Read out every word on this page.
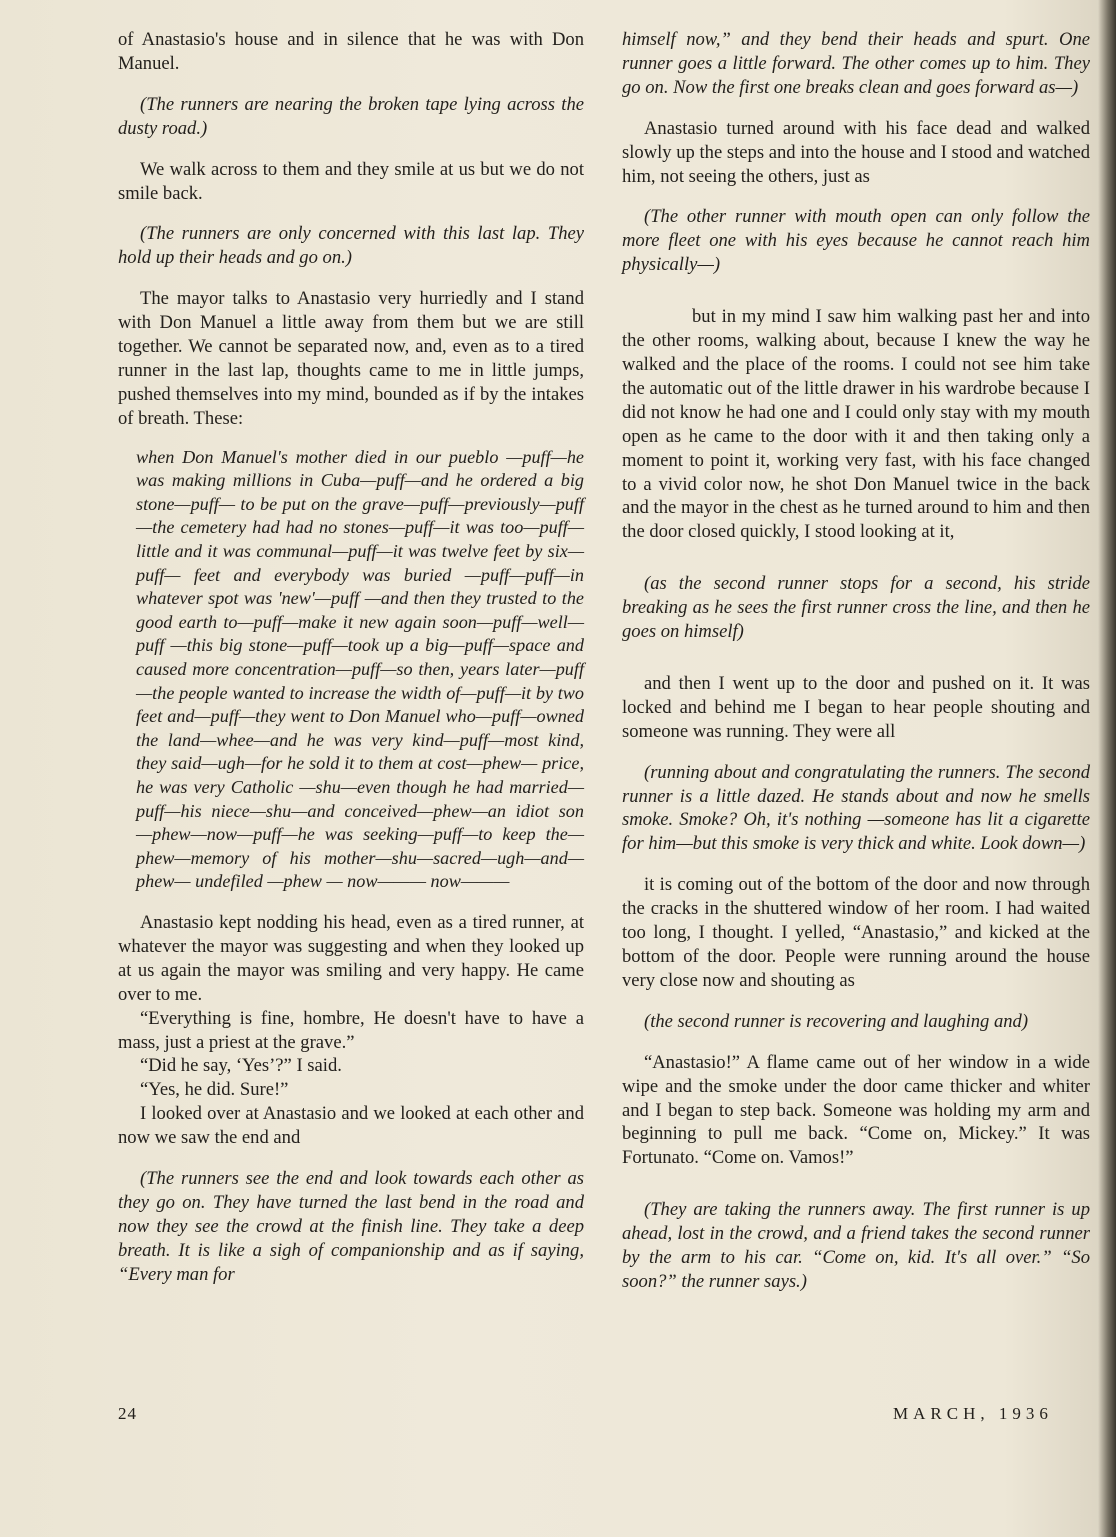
of Anastasio's house and in silence that he was with Don Manuel.

(The runners are nearing the broken tape lying across the dusty road.)

We walk across to them and they smile at us but we do not smile back.

(The runners are only concerned with this last lap. They hold up their heads and go on.)

The mayor talks to Anastasio very hurriedly and I stand with Don Manuel a little away from them but we are still together. We cannot be separated now, and, even as to a tired runner in the last lap, thoughts came to me in little jumps, pushed themselves into my mind, bounded as if by the intakes of breath. These:

when Don Manuel's mother died in our pueblo —puff—he was making millions in Cuba—puff—and he ordered a big stone—puff— to be put on the grave—puff—previously—puff—the cemetery had had no stones—puff—it was too—puff—little and it was communal—puff—it was twelve feet by six—puff— feet and everybody was buried —puff—puff—in whatever spot was 'new'—puff —and then they trusted to the good earth to—puff—make it new again soon—puff—well—puff —this big stone—puff—took up a big—puff—space and caused more concentration—puff—so then, years later—puff—the people wanted to increase the width of—puff—it by two feet and—puff—they went to Don Manuel who—puff—owned the land—whee—and he was very kind—puff—most kind, they said—ugh—for he sold it to them at cost—phew— price, he was very Catholic —shu—even though he had married—puff—his niece—shu—and conceived—phew—an idiot son —phew—now—puff—he was seeking—puff—to keep the—phew—memory of his mother—shu—sacred—ugh—and—phew— undefiled —phew — now——— now———

Anastasio kept nodding his head, even as a tired runner, at whatever the mayor was suggesting and when they looked up at us again the mayor was smiling and very happy. He came over to me.

“Everything is fine, hombre, He doesn't have to have a mass, just a priest at the grave.”

“Did he say, ‘Yes’?” I said.

“Yes, he did. Sure!”

I looked over at Anastasio and we looked at each other and now we saw the end and

(The runners see the end and look towards each other as they go on. They have turned the last bend in the road and now they see the crowd at the finish line. They take a deep breath. It is like a sigh of companionship and as if saying, “Every man for

himself now,” and they bend their heads and spurt. One runner goes a little forward. The other comes up to him. They go on. Now the first one breaks clean and goes forward as—)

Anastasio turned around with his face dead and walked slowly up the steps and into the house and I stood and watched him, not seeing the others, just as

(The other runner with mouth open can only follow the more fleet one with his eyes because he cannot reach him physically—)

but in my mind I saw him walking past her and into the other rooms, walking about, because I knew the way he walked and the place of the rooms. I could not see him take the automatic out of the little drawer in his wardrobe because I did not know he had one and I could only stay with my mouth open as he came to the door with it and then taking only a moment to point it, working very fast, with his face changed to a vivid color now, he shot Don Manuel twice in the back and the mayor in the chest as he turned around to him and then the door closed quickly, I stood looking at it,

(as the second runner stops for a second, his stride breaking as he sees the first runner cross the line, and then he goes on himself)

and then I went up to the door and pushed on it. It was locked and behind me I began to hear people shouting and someone was running. They were all

(running about and congratulating the runners. The second runner is a little dazed. He stands about and now he smells smoke. Smoke? Oh, it's nothing —someone has lit a cigarette for him—but this smoke is very thick and white. Look down—)

it is coming out of the bottom of the door and now through the cracks in the shuttered window of her room. I had waited too long, I thought. I yelled, “Anastasio,” and kicked at the bottom of the door. People were running around the house very close now and shouting as

(the second runner is recovering and laughing and)

“Anastasio!” A flame came out of her window in a wide wipe and the smoke under the door came thicker and whiter and I began to step back. Someone was holding my arm and beginning to pull me back. “Come on, Mickey.” It was Fortunato. “Come on. Vamos!”

(They are taking the runners away. The first runner is up ahead, lost in the crowd, and a friend takes the second runner by the arm to his car. “Come on, kid. It's all over.” “So soon?” the runner says.)

24	MARCH, 1936
